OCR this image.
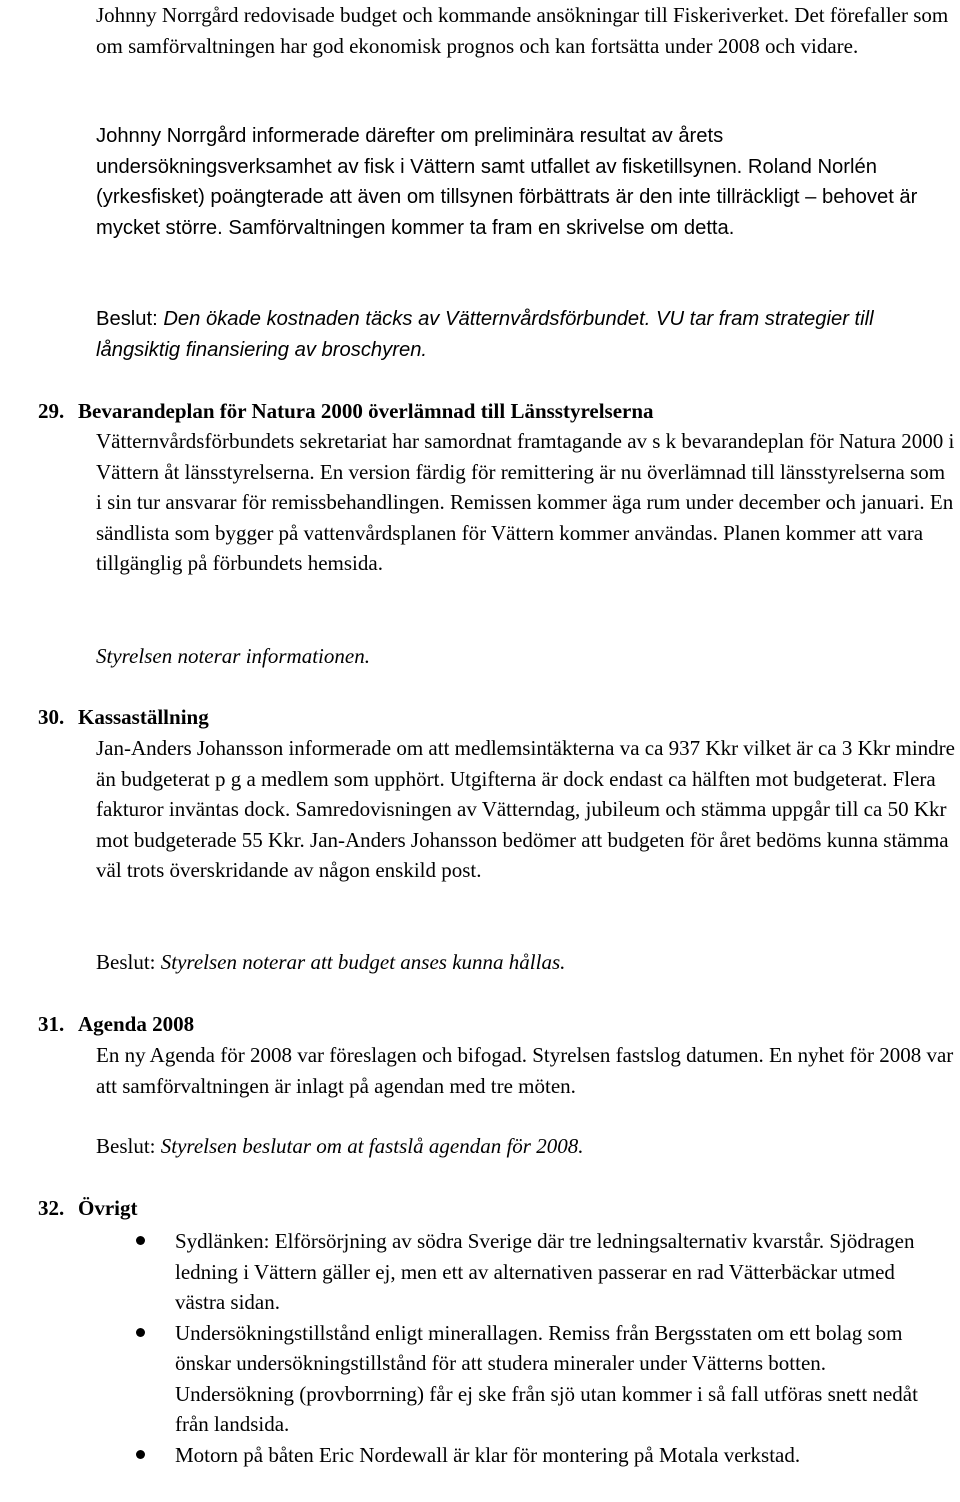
Johnny Norrgård redovisade budget och kommande ansökningar till Fiskeriverket. Det förefaller som om samförvaltningen har god ekonomisk prognos och kan fortsätta under 2008 och vidare.

Johnny Norrgård informerade därefter om preliminära resultat av årets undersökningsverksamhet av fisk i Vättern samt utfallet av fisketillsynen. Roland Norlén (yrkesfisket) poängterade att även om tillsynen förbättrats är den inte tillräckligt – behovet är mycket större. Samförvaltningen kommer ta fram en skrivelse om detta.

Beslut: Den ökade kostnaden täcks av Vätternvårdsförbundet. VU tar fram strategier till långsiktig finansiering av broschyren.

29. Bevarandeplan för Natura 2000 överlämnad till Länsstyrelserna

Vätternvårdsförbundets sekretariat har samordnat framtagande av s k bevarandeplan för Natura 2000 i Vättern åt länsstyrelserna. En version färdig för remittering är nu överlämnad till länsstyrelserna som i sin tur ansvarar för remissbehandlingen. Remissen kommer äga rum under december och januari. En sändlista som bygger på vattenvårdsplanen för Vättern kommer användas. Planen kommer att vara tillgänglig på förbundets hemsida.

Styrelsen noterar informationen.

30. Kassaställning

Jan-Anders Johansson informerade om att medlemsintäkterna va ca 937 Kkr vilket är ca 3 Kkr mindre än budgeterat p g a medlem som upphört. Utgifterna är dock endast ca hälften mot budgeterat. Flera fakturor inväntas dock. Samredovisningen av Vätterndag, jubileum och stämma uppgår till ca 50 Kkr mot budgeterade 55 Kkr. Jan-Anders Johansson bedömer att budgeten för året bedöms kunna stämma väl trots överskridande av någon enskild post.

Beslut: Styrelsen noterar att budget anses kunna hållas.

31. Agenda 2008

En ny Agenda för 2008 var föreslagen och bifogad. Styrelsen fastslog datumen. En nyhet för 2008 var att samförvaltningen är inlagt på agendan med tre möten.

Beslut: Styrelsen beslutar om at fastslå agendan för 2008.

32. Övrigt
Sydlänken: Elförsörjning av södra Sverige där tre ledningsalternativ kvarstår. Sjödragen ledning i Vättern gäller ej, men ett av alternativen passerar en rad Vätterbäckar utmed västra sidan.
Undersökningstillstånd enligt minerallagen. Remiss från Bergsstaten om ett bolag som önskar undersökningstillstånd för att studera mineraler under Vätterns botten. Undersökning (provborrning) får ej ske från sjö utan kommer i så fall utföras snett nedåt från landsida.
Motorn på båten Eric Nordewall är klar för montering på Motala verkstad.
